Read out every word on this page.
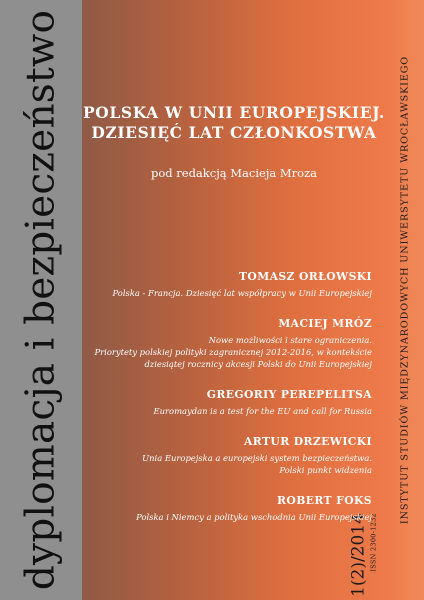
dyplomacja i bezpieczeństwo	INSTYTUT STUDIÓW MIĘDZYNARODOWYCH UNIWERSYTETU WROCŁAWSKIEGO
1(2)/2014 ISSN 2300-1232
POLSKA W UNII EUROPEJSKIEJ.
DZIESIĘĆ LAT CZŁONKOSTWA
pod redakcją Macieja Mroza
TOMASZ ORŁOWSKI
Polska - Francja. Dziesięć lat współpracy w Unii Europejskiej
MACIEJ MRÓZ
Nowe możliwości i stare ograniczenia.
Priorytety polskiej polityki zagranicznej 2012-2016, w kontekście
dziesiątej rocznicy akcesji Polski do Unii Europejskiej
GREGORIY PEREPELITSA
Euromaydan is a test for the EU and call for Russia
ARTUR DRZEWICKI
Unia Europejska a europejski system bezpieczeństwa.
Polski punkt widzenia
ROBERT FOKS
Polska i Niemcy a polityka wschodnia Unii Europejskiej
